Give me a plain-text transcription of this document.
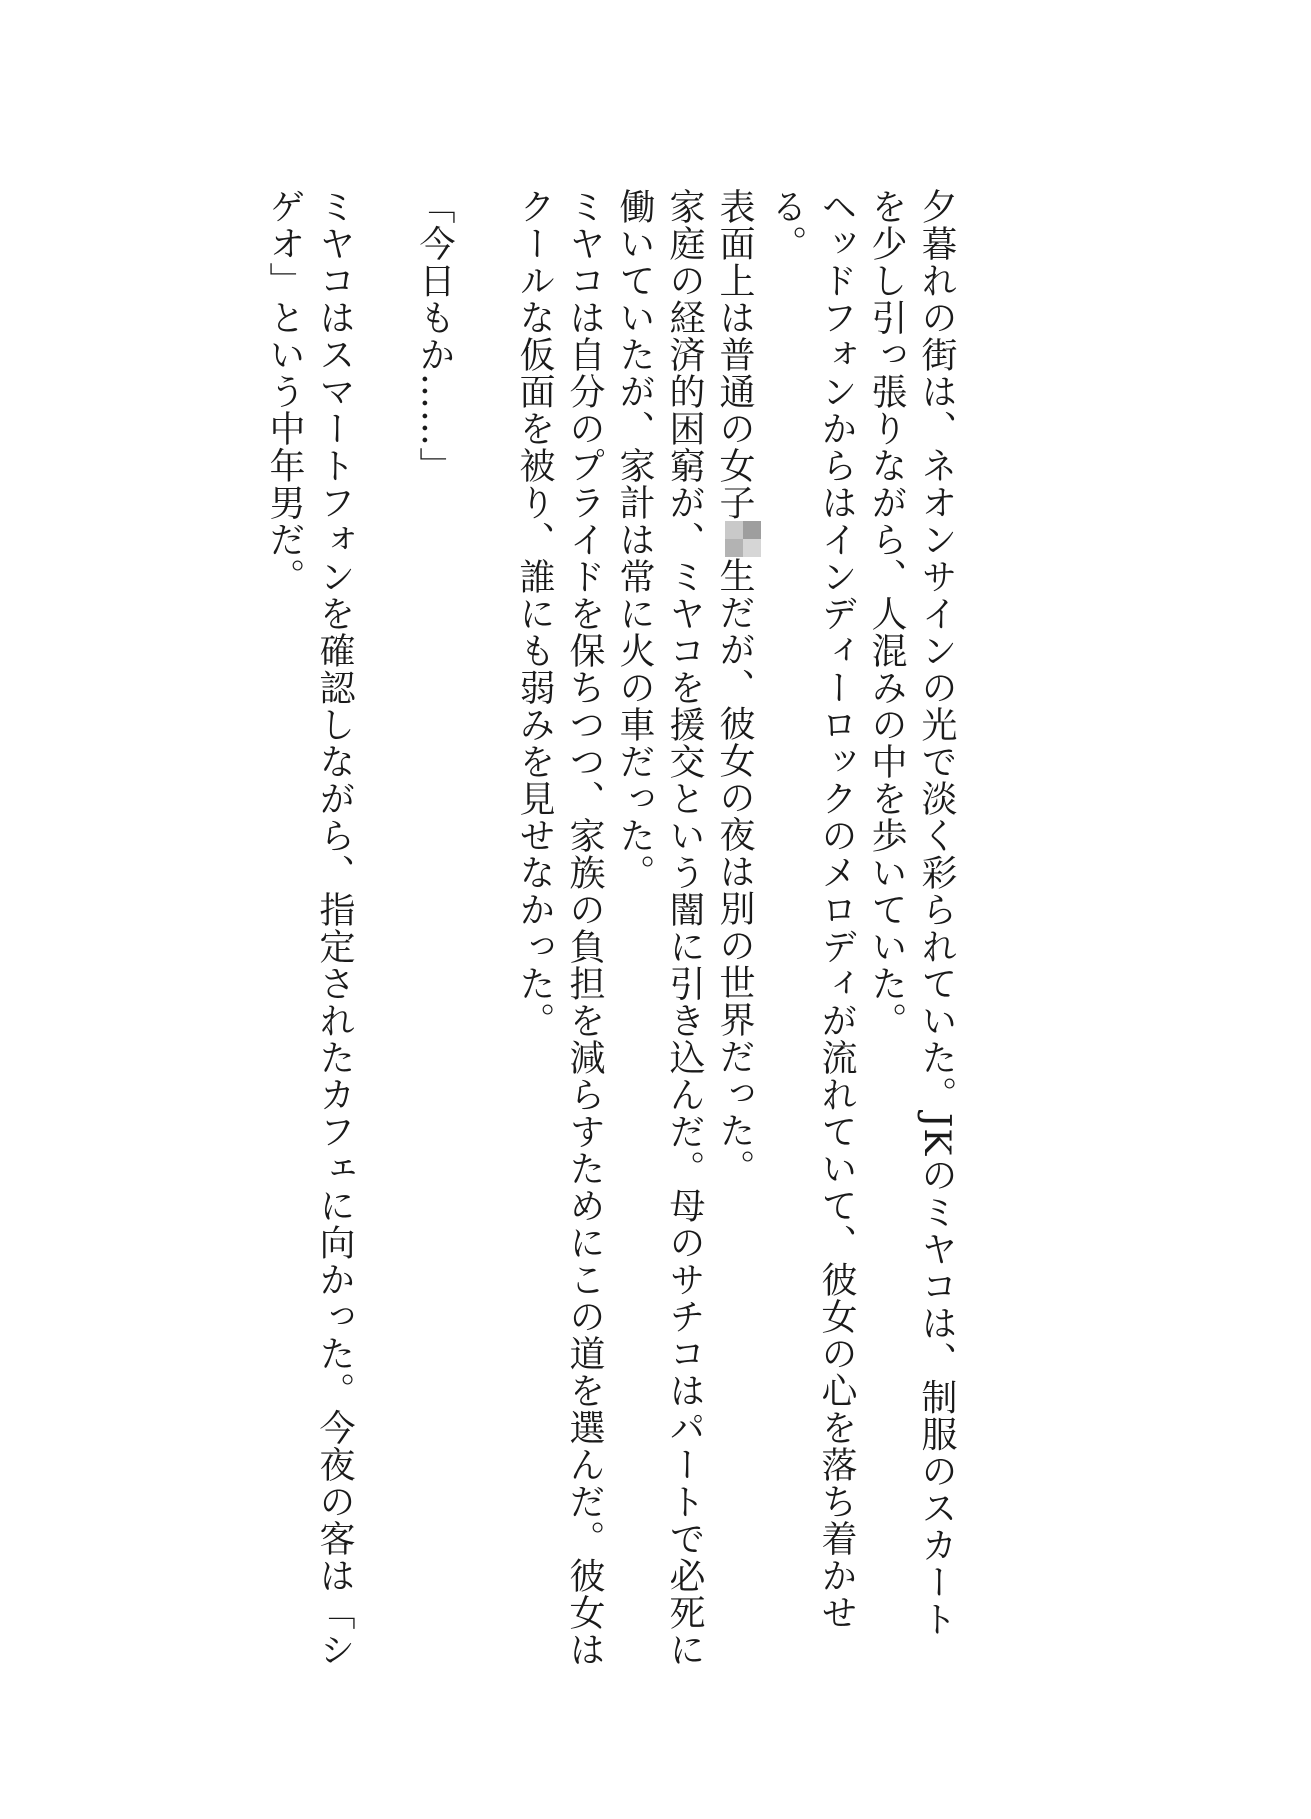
夕暮れの街は、ネオンサインの光で淡く彩られていた。JKのミヤコは、制服のスカートを少し引っ張りながら、人混みの中を歩いていた。

ヘッドフォンからはインディーロックのメロディが流れていて、彼女の心を落ち着かせる。

表面上は普通の女子生だが、彼女の夜は別の世界だった。

家庭の経済的困窮が、ミヤコを援交という闇に引き込んだ。母のサチコはパートで必死に働いていたが、家計は常に火の車だった。

ミヤコは自分のプライドを保ちつつ、家族の負担を減らすためにこの道を選んだ。彼女はクールな仮面を被り、誰にも弱みを見せなかった。

「今日もか……」

ミヤコはスマートフォンを確認しながら、指定されたカフェに向かった。今夜の客は「シゲオ」という中年男だ。
